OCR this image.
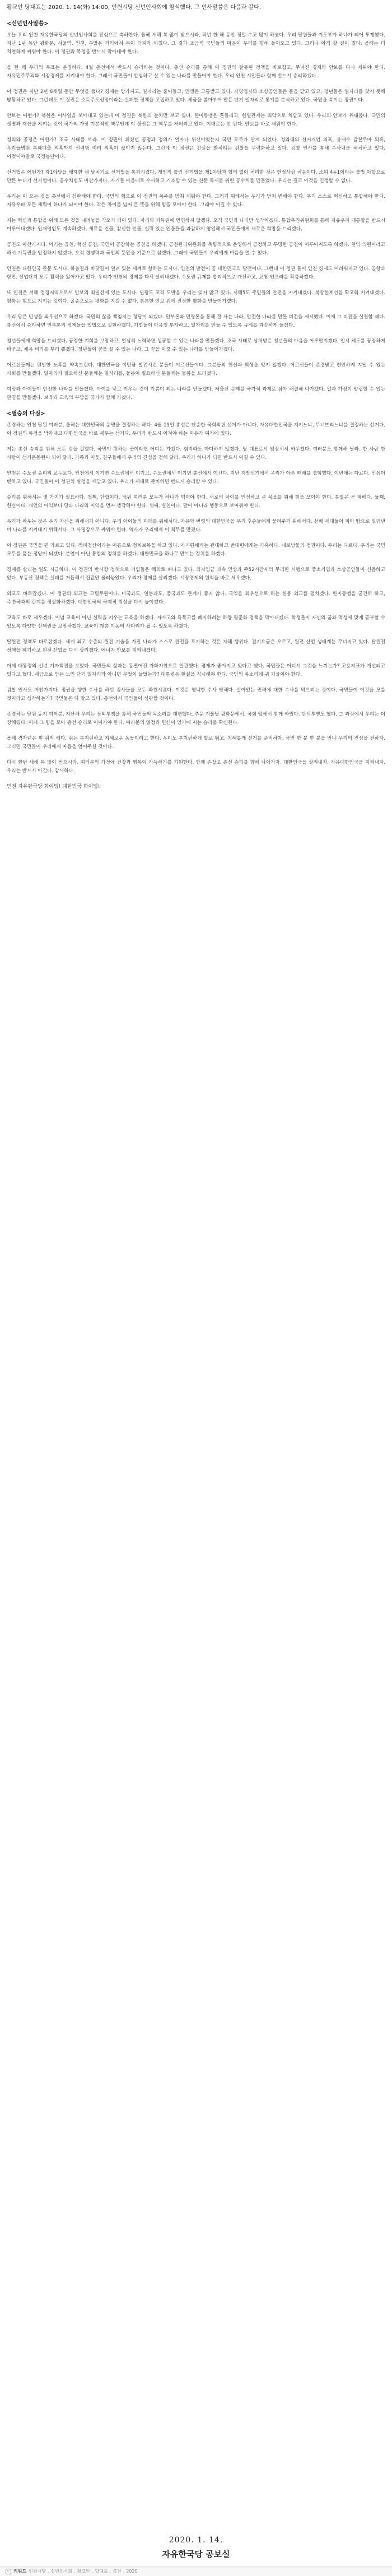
황교안 당대표는 2020. 1. 14(화) 14:00, 인천시당 신년인사회에 참석했다. 그 인사말씀은 다음과 같다.

<신년인사말씀>

오늘 우리 인천 자유한국당의 신년인사회를 진심으로 축하한다. 올해 새해 복 많이 받으시라. 작년 한 해 동안 정말 수고 많이 하셨다. 우리 당원들과 지도부가 하나가 되어 투쟁했다. 지난 1년 동안 광화문, 서울역, 인천, 수많은 거리에서 목이 터져라 외쳤다. 그 결과 조금씩 국민들의 마음이 우리를 향해 돌아오고 있다. 그러나 아직 갈 길이 멀다. 올해는 더 치열하게 싸워야 한다. 이 정권의 폭정을 반드시 막아내야 한다.

올 한 해 우리의 목표는 분명하다. 4월 총선에서 반드시 승리하는 것이다. 총선 승리를 통해 이 정권의 잘못된 정책을 바로잡고, 무너진 경제와 안보를 다시 세워야 한다. 자유민주주의와 시장경제를 지켜내야 한다. 그래서 국민들이 안심하고 살 수 있는 나라를 만들어야 한다. 우리 인천 시민들과 함께 반드시 승리하겠다.

이 정권은 지난 2년 8개월 동안 무엇을 했나? 경제는 망가지고, 일자리는 줄어들고, 민생은 고통받고 있다. 자영업자와 소상공인들은 문을 닫고 있고, 청년들은 일자리를 찾지 못해 방황하고 있다. 그런데도 이 정권은 소득주도성장이라는 실패한 정책을 고집하고 있다. 세금을 쏟아부어 만든 단기 일자리로 통계를 분식하고 있다. 국민을 속이는 정권이다.

안보는 어떤가? 북한은 미사일을 쏘아대고 있는데 이 정권은 북한의 눈치만 보고 있다. 한미동맹은 흔들리고, 한일관계는 최악으로 치닫고 있다. 우리의 안보가 위태롭다. 국민의 생명과 재산을 지키는 것이 국가의 가장 기본적인 책무인데 이 정권은 그 책무를 저버리고 있다. 이대로는 안 된다. 안보를 바로 세워야 한다.

정의와 공정은 어떤가? 조국 사태를 보라. 이 정권이 외쳤던 공정과 정의가 얼마나 위선이었는지 국민 모두가 알게 되었다. 청와대의 선거개입 의혹, 유재수 감찰무마 의혹, 우리들병원 특혜대출 의혹까지 권력형 비리 의혹이 끊이지 않는다. 그런데 이 정권은 진실을 밝히려는 검찰을 무력화하고 있다. 검찰 인사를 통해 수사팀을 해체하고 있다. 이것이야말로 국정농단이다.

선거법은 어떤가? 제1야당을 배제한 채 날치기로 선거법을 통과시켰다. 게임의 룰인 선거법을 제1야당과 합의 없이 처리한 것은 헌정사상 처음이다. 소위 4+1이라는 불법 야합으로 만든 누더기 선거법이다. 공수처법도 마찬가지다. 자기들 마음대로 수사하고 기소할 수 있는 친문 독재를 위한 공수처를 만들었다. 우리는 결코 이것을 인정할 수 없다.

우리는 이 모든 것을 총선에서 심판해야 한다. 국민의 힘으로 이 정권의 폭주를 멈춰 세워야 한다. 그러기 위해서는 우리가 먼저 변해야 한다. 우리 스스로 혁신하고 통합해야 한다. 자유우파 모든 세력이 하나가 되어야 한다. 작은 차이를 넘어 큰 뜻을 위해 힘을 모아야 한다. 그래야 이길 수 있다.

저는 혁신과 통합을 위해 모든 것을 내려놓을 각오가 되어 있다. 자리와 기득권에 연연하지 않겠다. 오직 국민과 나라만 생각하겠다. 통합추진위원회를 통해 자유우파 대통합을 반드시 이루어내겠다. 인재영입도 계속하겠다. 새로운 인물, 참신한 인물, 실력 있는 인물들을 과감하게 영입해서 국민들에게 새로운 희망을 드리겠다.

공천도 마찬가지다. 이기는 공천, 혁신 공천, 국민이 공감하는 공천을 하겠다. 공천관리위원회를 독립적으로 운영해서 공정하고 투명한 공천이 이루어지도록 하겠다. 현역 의원이라고 해서 기득권을 인정하지 않겠다. 오직 경쟁력과 국민의 뜻만을 기준으로 삼겠다. 그래야 국민들이 우리에게 마음을 열 수 있다.

인천은 대한민국 관문 도시다. 하늘길과 바닷길이 열려 있는 세계로 향하는 도시다. 인천의 발전이 곧 대한민국의 발전이다. 그런데 이 정권 들어 인천 경제도 어려워지고 있다. 공항과 항만, 산업단지 모두 활력을 잃어가고 있다. 우리가 인천의 경제를 다시 살려내겠다. 수도권 규제를 합리적으로 개선하고, 교통 인프라를 확충하겠다.

또 인천은 서해 접경지역으로서 안보의 최일선에 있는 도시다. 연평도 포격 도발을 우리는 잊지 않고 있다. 서해5도 주민들의 안전을 지켜내겠다. 북방한계선을 확고히 지켜내겠다. 평화는 힘으로 지키는 것이다. 굴종으로는 평화를 지킬 수 없다. 튼튼한 안보 위에 진정한 평화를 만들어가겠다.

우리 당은 민생을 최우선으로 하겠다. 국민의 삶을 책임지는 정당이 되겠다. 민부론과 민평론을 통해 잘 사는 나라, 안전한 나라를 만들 비전을 제시했다. 이제 그 비전을 실천할 때다. 총선에서 승리하면 민부론의 정책들을 입법으로 실현하겠다. 기업들이 마음껏 투자하고, 일자리를 만들 수 있도록 규제를 과감하게 풀겠다.

청년들에게 희망을 드리겠다. 공정한 기회를 보장하고, 열심히 노력하면 성공할 수 있는 나라를 만들겠다. 조국 사태로 상처받은 청년들의 마음을 어루만지겠다. 입시 제도를 공정하게 바꾸고, 채용 비리를 뿌리 뽑겠다. 청년들이 꿈을 꿀 수 있는 나라, 그 꿈을 이룰 수 있는 나라를 만들어가겠다.

어르신들께는 편안한 노후를 약속드린다. 대한민국을 이만큼 발전시킨 분들이 어르신들이다. 그분들의 헌신과 희생을 잊지 않겠다. 어르신들이 존경받고 편안하게 지낼 수 있는 사회를 만들겠다. 일자리가 필요하신 분들께는 일자리를, 돌봄이 필요하신 분들께는 돌봄을 드리겠다.

여성과 아이들이 안전한 나라를 만들겠다. 아이를 낳고 키우는 것이 기쁨이 되는 나라를 만들겠다. 저출산 문제를 국가적 과제로 삼아 해결해 나가겠다. 일과 가정이 양립할 수 있는 환경을 만들겠다. 보육과 교육의 부담을 국가가 함께 지겠다.

<필승의 다짐>

존경하는 인천 당원 여러분, 올해는 대한민국의 운명을 결정하는 해다. 4월 15일 총선은 단순한 국회의원 선거가 아니다. 자유대한민국을 지키느냐, 무너뜨리느냐를 결정하는 선거다. 이 정권의 폭정을 막아내고 대한민국을 바로 세우는 선거다. 우리가 반드시 이겨야 하는 이유가 여기에 있다.

저는 총선 승리를 위해 모든 것을 걸겠다. 국민이 원하는 곳이라면 어디든 가겠다. 험지라도 마다하지 않겠다. 당 대표로서 앞장서서 싸우겠다. 여러분도 함께해 달라. 한 사람 한 사람이 선거운동원이 되어 달라. 가족과 이웃, 친구들에게 우리의 진심을 전해 달라. 우리가 하나가 되면 반드시 이길 수 있다.

인천은 수도권 승리의 교두보다. 인천에서 이기면 수도권에서 이기고, 수도권에서 이기면 총선에서 이긴다. 지난 지방선거에서 우리가 아픈 패배를 경험했다. 이번에는 다르다. 민심이 변하고 있다. 국민들이 이 정권의 실정을 깨닫고 있다. 우리가 제대로 준비하면 반드시 승리할 수 있다.

승리를 위해서는 몇 가지가 필요하다. 첫째, 단합이다. 당원 여러분 모두가 하나가 되어야 한다. 서로의 차이를 인정하고 큰 목표를 위해 힘을 모아야 한다. 분열은 곧 패배다. 둘째, 헌신이다. 개인의 이익보다 당과 나라의 이익을 먼저 생각해야 한다. 셋째, 실천이다. 말이 아니라 행동으로 보여줘야 한다.

우리가 싸우는 것은 우리 자신을 위해서가 아니다. 우리 아이들의 미래를 위해서다. 자유와 번영의 대한민국을 우리 후손들에게 물려주기 위해서다. 선배 세대들이 피와 땀으로 일궈낸 이 나라를 지켜내기 위해서다. 그 사명감으로 싸워야 한다. 역사가 우리에게 이 책무를 맡겼다.

이 정권은 국민을 편 가르고 있다. 적폐청산이라는 이름으로 정치보복을 하고 있다. 자기편에게는 관대하고 반대편에게는 가혹하다. 내로남불의 정권이다. 우리는 다르다. 우리는 국민 모두를 품는 정당이 되겠다. 분열이 아닌 통합의 정치를 하겠다. 대한민국을 하나로 만드는 정치를 하겠다.

경제를 살리는 일도 시급하다. 이 정권의 반시장 정책으로 기업들은 해외로 떠나고 있다. 최저임금 과속 인상과 주52시간제의 무리한 시행으로 중소기업과 소상공인들이 신음하고 있다. 부동산 정책은 실패를 거듭해서 집값만 올려놓았다. 우리가 경제를 살리겠다. 시장경제의 원칙을 바로 세우겠다.

외교도 바로잡겠다. 이 정권의 외교는 고립무원이다. 미국과도, 일본과도, 중국과도 관계가 좋지 않다. 국익을 최우선으로 하는 실용 외교를 펼치겠다. 한미동맹을 굳건히 하고, 주변국과의 관계를 정상화하겠다. 대한민국의 국제적 위상을 다시 높이겠다.

교육도 바로 세우겠다. 이념 교육이 아닌 실력을 키우는 교육을 하겠다. 자사고와 특목고를 폐지하려는 하향 평준화 정책을 막아내겠다. 학생들이 자신의 꿈과 적성에 맞게 공부할 수 있도록 다양한 선택권을 보장하겠다. 교육이 계층 이동의 사다리가 될 수 있도록 하겠다.

탈원전 정책도 바로잡겠다. 세계 최고 수준의 원전 기술을 가진 나라가 스스로 원전을 포기하는 것은 자해 행위다. 전기요금은 오르고, 원전 산업 생태계는 무너지고 있다. 탈원전 정책을 폐기하고 원전 산업을 다시 살리겠다. 에너지 안보를 지켜내겠다.

어제 대통령의 신년 기자회견을 보았다. 국민들의 삶과는 동떨어진 자화자찬으로 일관했다. 경제가 좋아지고 있다고 했다. 국민들은 어디서 그것을 느끼는가? 고용지표가 개선되고 있다고 했다. 세금으로 만든 노인 단기 일자리가 아니면 무엇이 늘었는가? 대통령은 현실을 직시해야 한다. 국민의 목소리에 귀 기울여야 한다.

검찰 인사도 마찬가지다. 정권을 향한 수사를 하던 검사들을 모두 좌천시켰다. 이것은 명백한 수사 방해다. 살아있는 권력에 대한 수사를 막으려는 것이다. 국민들이 이것을 모를 것이라고 생각하는가? 국민들은 다 알고 있다. 총선에서 국민들이 심판할 것이다.

존경하는 당원 동지 여러분, 지난해 우리는 장외투쟁을 통해 국민들의 목소리를 대변했다. 추운 겨울날 광화문에서, 국회 앞에서 함께 싸웠다. 단식투쟁도 했다. 그 과정에서 우리는 더 강해졌다. 이제 그 힘을 모아 총선 승리로 이어가야 한다. 여러분의 열정과 헌신이 있기에 저는 승리를 확신한다.

올해 경자년은 흰 쥐의 해다. 쥐는 부지런하고 지혜로운 동물이라고 한다. 우리도 부지런하게 발로 뛰고, 지혜롭게 선거를 준비하자. 국민 한 분 한 분을 만나 우리의 진심을 전하자. 그러면 국민들이 우리에게 마음을 열어주실 것이다.

다시 한번 새해 복 많이 받으시라. 여러분의 가정에 건강과 행복이 가득하기를 기원한다. 함께 손잡고 총선 승리를 향해 나아가자. 대한민국을 살려내자. 자유대한민국을 지켜내자. 우리는 반드시 이긴다. 감사하다.

인천 자유한국당 화이팅! 대한민국 화이팅!

2020. 1. 14.
자유한국당 공보실
키워드 인천시당 , 신년인사회 , 황교안 , 당대표 , 총선 , 2020
